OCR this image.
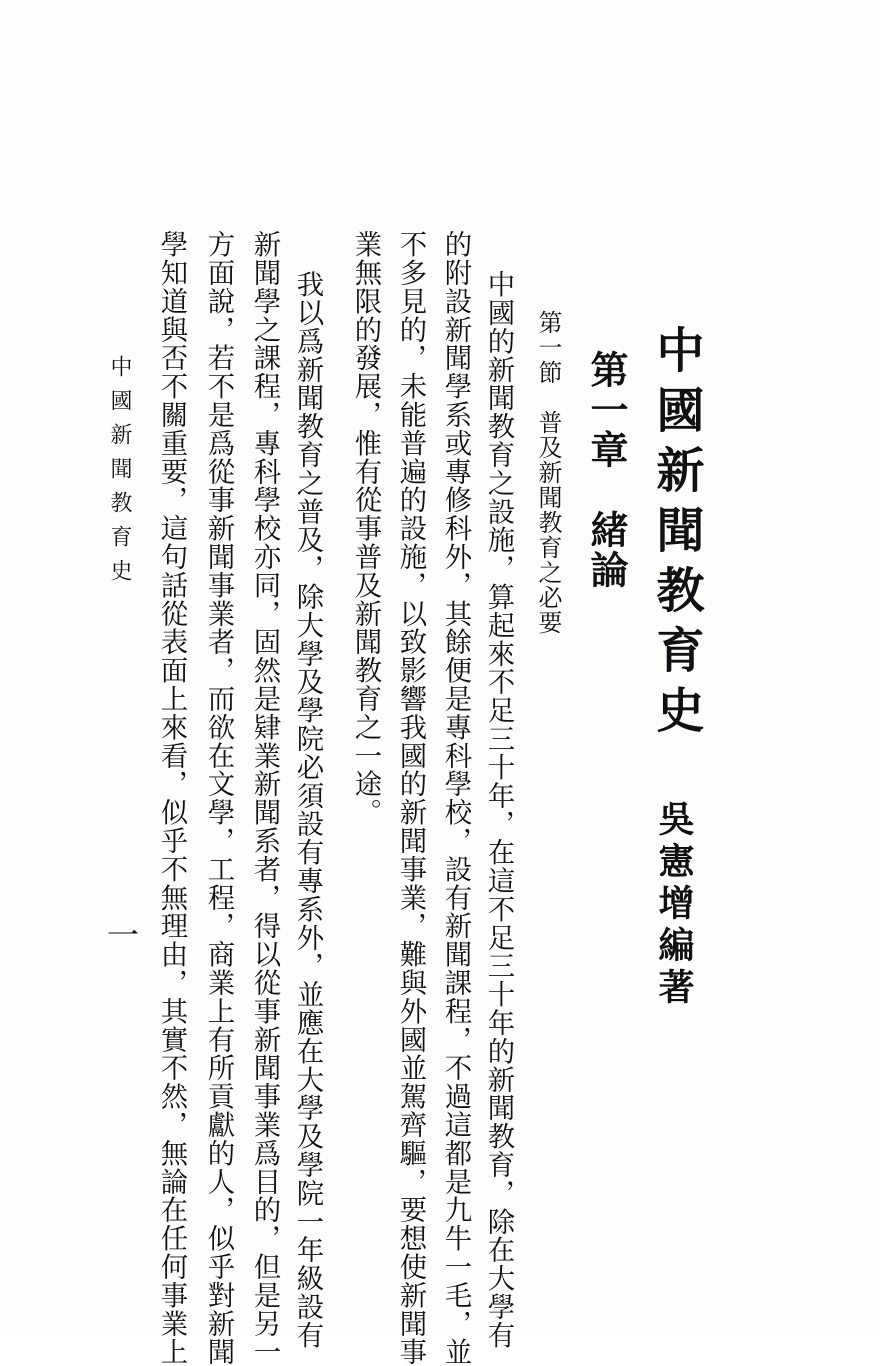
中國新聞教育史
吳憲增編著
第一章　緒論
第一節　普及新聞教育之必要
中國的新聞教育之設施，算起來不足三十年，在這不足三十年的新聞教育，除在大學有
的附設新聞學系或專修科外，其餘便是專科學校，設有新聞課程，不過這都是九牛一毛，並
不多見的，未能普遍的設施，以致影響我國的新聞事業，難與外國並駕齊驅，要想使新聞事
業無限的發展，惟有從事普及新聞教育之一途。
我以爲新聞教育之普及，除大學及學院必須設有專系外，並應在大學及學院一年級設有
新聞學之課程，專科學校亦同，固然是肄業新聞系者，得以從事新聞事業爲目的，但是另一
方面說，若不是爲從事新聞事業者，而欲在文學，工程，商業上有所貢獻的人，似乎對新聞
學知道與否不關重要，這句話從表面上來看，似乎不無理由，其實不然，無論在任何事業上
中國新聞教育史
一
